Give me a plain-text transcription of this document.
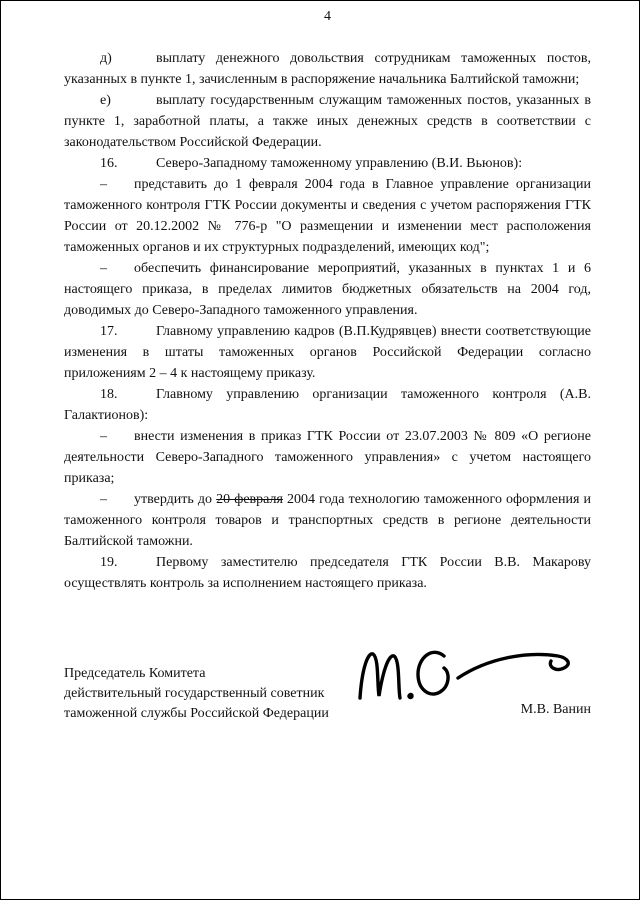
4

д)	выплату денежного довольствия сотрудникам таможенных постов, указанных в пункте 1, зачисленным в распоряжение начальника Балтийской таможни;

е)	выплату государственным служащим таможенных постов, указанных в пункте 1, заработной платы, а также иных денежных средств в соответствии с законодательством Российской Федерации.

16.	Северо-Западному таможенному управлению (В.И. Вьюнов):

– представить до 1 февраля 2004 года в Главное управление организации таможенного контроля ГТК России документы и сведения с учетом распоряжения ГТК России от 20.12.2002 № 776-р "О размещении и изменении мест расположения таможенных органов и их структурных подразделений, имеющих код";

– обеспечить финансирование мероприятий, указанных в пунктах 1 и 6 настоящего приказа, в пределах лимитов бюджетных обязательств на 2004 год, доводимых до Северо-Западного таможенного управления.

17.	Главному управлению кадров (В.П.Кудрявцев) внести соответствующие изменения в штаты таможенных органов Российской Федерации согласно приложениям 2 – 4 к настоящему приказу.

18.	Главному управлению организации таможенного контроля (А.В. Галактионов):

– внести изменения в приказ ГТК России от 23.07.2003 № 809 «О регионе деятельности Северо-Западного таможенного управления» с учетом настоящего приказа;

– утвердить до 20 февраля 2004 года технологию таможенного оформления и таможенного контроля товаров и транспортных средств в регионе деятельности Балтийской таможни.

19.	Первому заместителю председателя ГТК России В.В. Макарову осуществлять контроль за исполнением настоящего приказа.

Председатель Комитета
действительный государственный советник
таможенной службы Российской Федерации	М.В. Ванин
